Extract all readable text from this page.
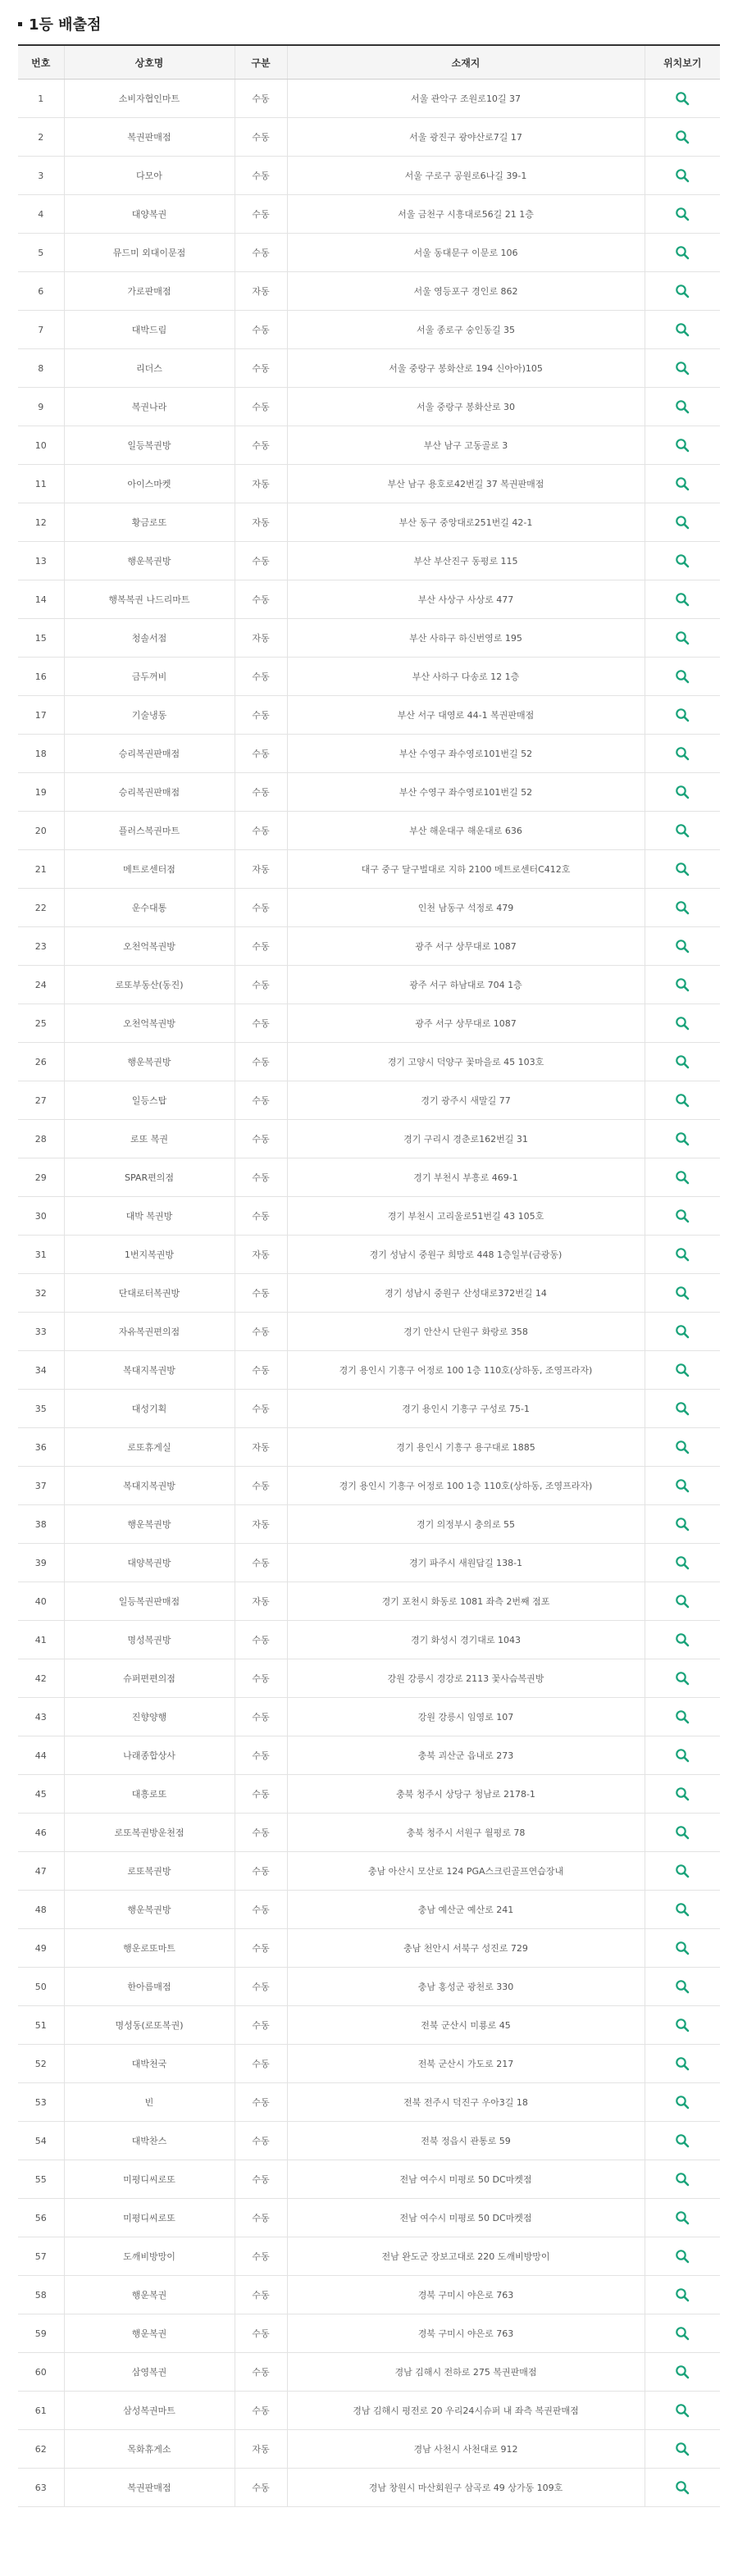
1등 배출점
번호	상호명	구분	소재지	위치보기
1	소비자협인마트	수동	서울 관악구 조원로10길 37	

2	복권판매점	수동	서울 광진구 광야산로7길 17	

3	다모아	수동	서울 구로구 공원로6나길 39-1	

4	대양복권	수동	서울 금천구 시흥대로56길 21 1층	

5	뮤드미 외대이문점	수동	서울 동대문구 이문로 106	

6	가로판매점	자동	서울 영등포구 경인로 862	

7	대박드림	수동	서울 종로구 숭인동길 35	

8	리더스	수동	서울 중랑구 봉화산로 194 신아아)105	

9	복권나라	수동	서울 중랑구 봉화산로 30	

10	일등복권방	수동	부산 남구 고동골로 3	

11	아이스마켓	자동	부산 남구 용호로42번길 37 복권판매점	

12	황금로또	자동	부산 동구 중앙대로251번길 42-1	

13	행운복권방	수동	부산 부산진구 동평로 115	

14	행복복권 나드리마트	수동	부산 사상구 사상로 477	

15	청솔서점	자동	부산 사하구 하신번영로 195	

16	금두꺼비	수동	부산 사하구 다송로 12 1층	

17	기술냉동	수동	부산 서구 대영로 44-1 복권판매점	

18	승리복권판매점	수동	부산 수영구 좌수영로101번길 52	

19	승리복권판매점	수동	부산 수영구 좌수영로101번길 52	

20	플러스복권마트	수동	부산 해운대구 해운대로 636	

21	메트로센터점	자동	대구 중구 달구벌대로 지하 2100 메트로센터C412호	

22	운수대통	수동	인천 남동구 석정로 479	

23	오천억복권방	수동	광주 서구 상무대로 1087	

24	로또부동산(동진)	수동	광주 서구 하남대로 704 1층	

25	오천억복권방	수동	광주 서구 상무대로 1087	

26	행운복권방	수동	경기 고양시 덕양구 꽃마을로 45 103호	

27	일등스탑	수동	경기 광주시 새말길 77	

28	로또 복권	수동	경기 구리시 경춘로162번길 31	

29	SPAR편의점	수동	경기 부천시 부흥로 469-1	

30	대박 복권방	수동	경기 부천시 고리울로51번길 43 105호	

31	1번지복권방	자동	경기 성남시 중원구 희망로 448 1층일부(금광동)	

32	단대로터복권방	수동	경기 성남시 중원구 산성대로372번길 14	

33	자유복권편의점	수동	경기 안산시 단원구 화랑로 358	

34	복대지복권방	수동	경기 용인시 기흥구 어정로 100 1층 110호(상하동, 조영프라자)	

35	대성기획	수동	경기 용인시 기흥구 구성로 75-1	

36	로또휴게실	자동	경기 용인시 기흥구 용구대로 1885	

37	복대지복권방	수동	경기 용인시 기흥구 어정로 100 1층 110호(상하동, 조영프라자)	

38	행운복권방	자동	경기 의정부시 충의로 55	

39	대양복권방	수동	경기 파주시 새원답길 138-1	

40	일등복권판매점	자동	경기 포천시 화동로 1081 좌측 2번째 점포	

41	명성복권방	수동	경기 화성시 경기대로 1043	

42	슈퍼편편의점	수동	강원 강릉시 경강로 2113 꽃사슴복권방	

43	진향양행	수동	강원 강릉시 임영로 107	

44	나래종합상사	수동	충북 괴산군 읍내로 273	

45	대흥로또	수동	충북 청주시 상당구 청남로 2178-1	

46	로또복권방운천점	수동	충북 청주시 서원구 월평로 78	

47	로또복권방	수동	충남 아산시 모산로 124 PGA스크린골프연습장내	

48	행운복권방	수동	충남 예산군 예산로 241	

49	행운로또마트	수동	충남 천안시 서북구 성진로 729	

50	한아름매점	수동	충남 홍성군 광천로 330	

51	명성동(로또복권)	수동	전북 군산시 미룡로 45	

52	대박천국	수동	전북 군산시 가도로 217	

53	빈	수동	전북 전주시 덕진구 우아3길 18	

54	대박찬스	수동	전북 정읍시 관통로 59	

55	미평디씨로또	수동	전남 여수시 미평로 50 DC마켓점	

56	미평디씨로또	수동	전남 여수시 미평로 50 DC마켓점	

57	도깨비방망이	수동	전남 완도군 장보고대로 220 도깨비방망이	

58	행운복권	수동	경북 구미시 야은로 763	

59	행운복권	수동	경북 구미시 야은로 763	

60	삼영복권	수동	경남 김해시 전하로 275 복권판매점	

61	삼성복권마트	수동	경남 김해시 평전로 20 우리24시슈퍼 내 좌측 복권판매점	

62	목화휴게소	자동	경남 사천시 사천대로 912	

63	복권판매점	수동	경남 창원시 마산회원구 삼곡로 49 상가동 109호	
